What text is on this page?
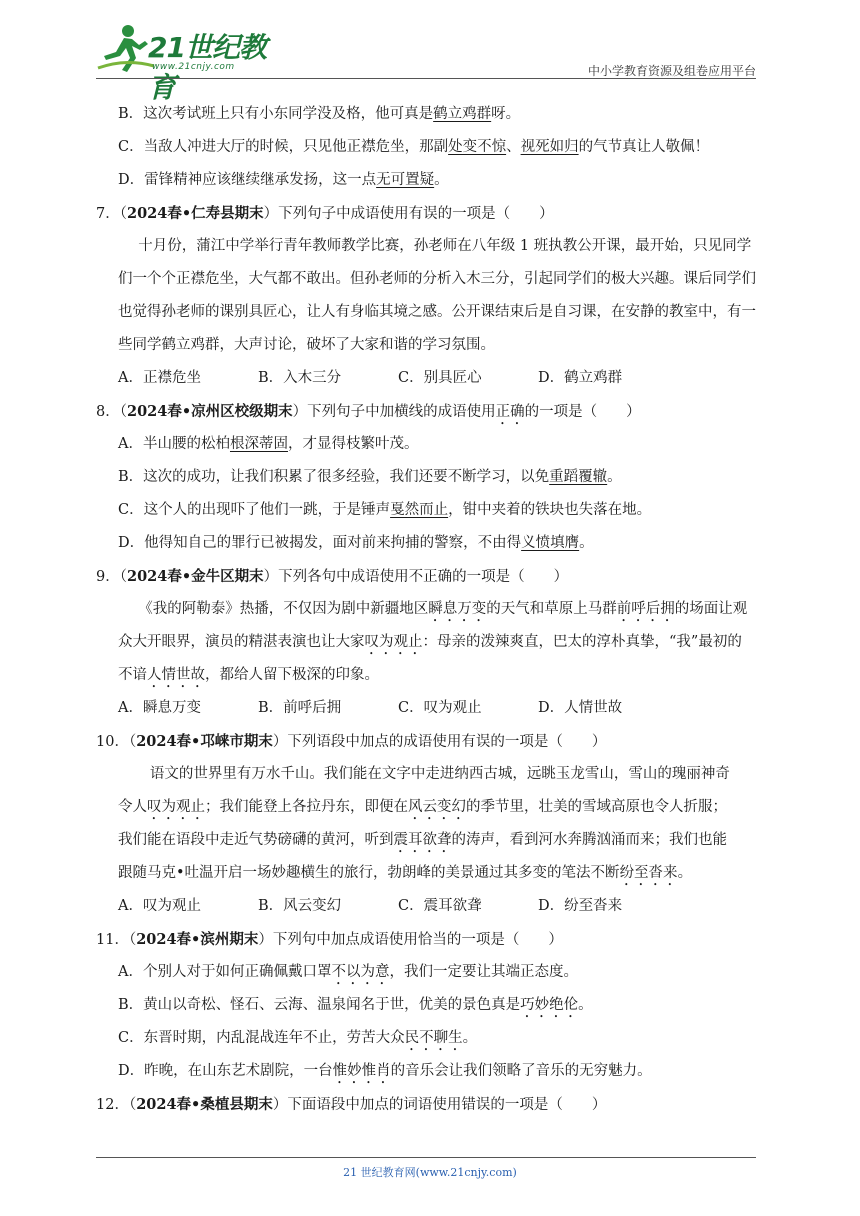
21世纪教育
www.21cnjy.com	中小学教育资源及组卷应用平台
B．这次考试班上只有小东同学没及格，他可真是鹤立鸡群呀。
C．当敌人冲进大厅的时候，只见他正襟危坐，那副处变不惊、视死如归的气节真让人敬佩！
D．雷锋精神应该继续继承发扬，这一点无可置疑。
7．（2024春•仁寿县期末）下列句子中成语使用有误的一项是（　　）
十月份，蒲江中学举行青年教师教学比赛，孙老师在八年级 1 班执教公开课，最开始，只见同学
们一个个正襟危坐，大气都不敢出。但孙老师的分析入木三分，引起同学们的极大兴趣。课后同学们
也觉得孙老师的课别具匠心，让人有身临其境之感。公开课结束后是自习课，在安静的教室中，有一
些同学鹤立鸡群，大声讨论，破坏了大家和谐的学习氛围。
A．正襟危坐	B．入木三分	C．别具匠心	D．鹤立鸡群
8．（2024春•凉州区校级期末）下列句子中加横线的成语使用正确的一项是（　　）
A．半山腰的松柏根深蒂固，才显得枝繁叶茂。
B．这次的成功，让我们积累了很多经验，我们还要不断学习，以免重蹈覆辙。
C．这个人的出现吓了他们一跳，于是锤声戛然而止，钳中夹着的铁块也失落在地。
D．他得知自己的罪行已被揭发，面对前来拘捕的警察，不由得义愤填膺。
9．（2024春•金牛区期末）下列各句中成语使用不正确的一项是（　　）
《我的阿勒泰》热播，不仅因为剧中新疆地区瞬息万变的天气和草原上马群前呼后拥的场面让观
众大开眼界，演员的精湛表演也让大家叹为观止：母亲的泼辣爽直，巴太的淳朴真挚，“我”最初的
不谙人情世故，都给人留下极深的印象。
A．瞬息万变	B．前呼后拥	C．叹为观止	D．人情世故
10．（2024春•邛崃市期末）下列语段中加点的成语使用有误的一项是（　　）
语文的世界里有万水千山。我们能在文字中走进纳西古城，远眺玉龙雪山，雪山的瑰丽神奇
令人叹为观止；我们能登上各拉丹东，即便在风云变幻的季节里，壮美的雪域高原也令人折服；
我们能在语段中走近气势磅礴的黄河，听到震耳欲聋的涛声，看到河水奔腾汹涌而来；我们也能
跟随马克•吐温开启一场妙趣横生的旅行，勃朗峰的美景通过其多变的笔法不断纷至沓来。
A．叹为观止	B．风云变幻	C．震耳欲聋	D．纷至沓来
11．（2024春•滨州期末）下列句中加点成语使用恰当的一项是（　　）
A．个别人对于如何正确佩戴口罩不以为意，我们一定要让其端正态度。
B．黄山以奇松、怪石、云海、温泉闻名于世，优美的景色真是巧妙绝伦。
C．东晋时期，内乱混战连年不止，劳苦大众民不聊生。
D．昨晚，在山东艺术剧院，一台惟妙惟肖的音乐会让我们领略了音乐的无穷魅力。
12．（2024春•桑植县期末）下面语段中加点的词语使用错误的一项是（　　）
21 世纪教育网(www.21cnjy.com)
